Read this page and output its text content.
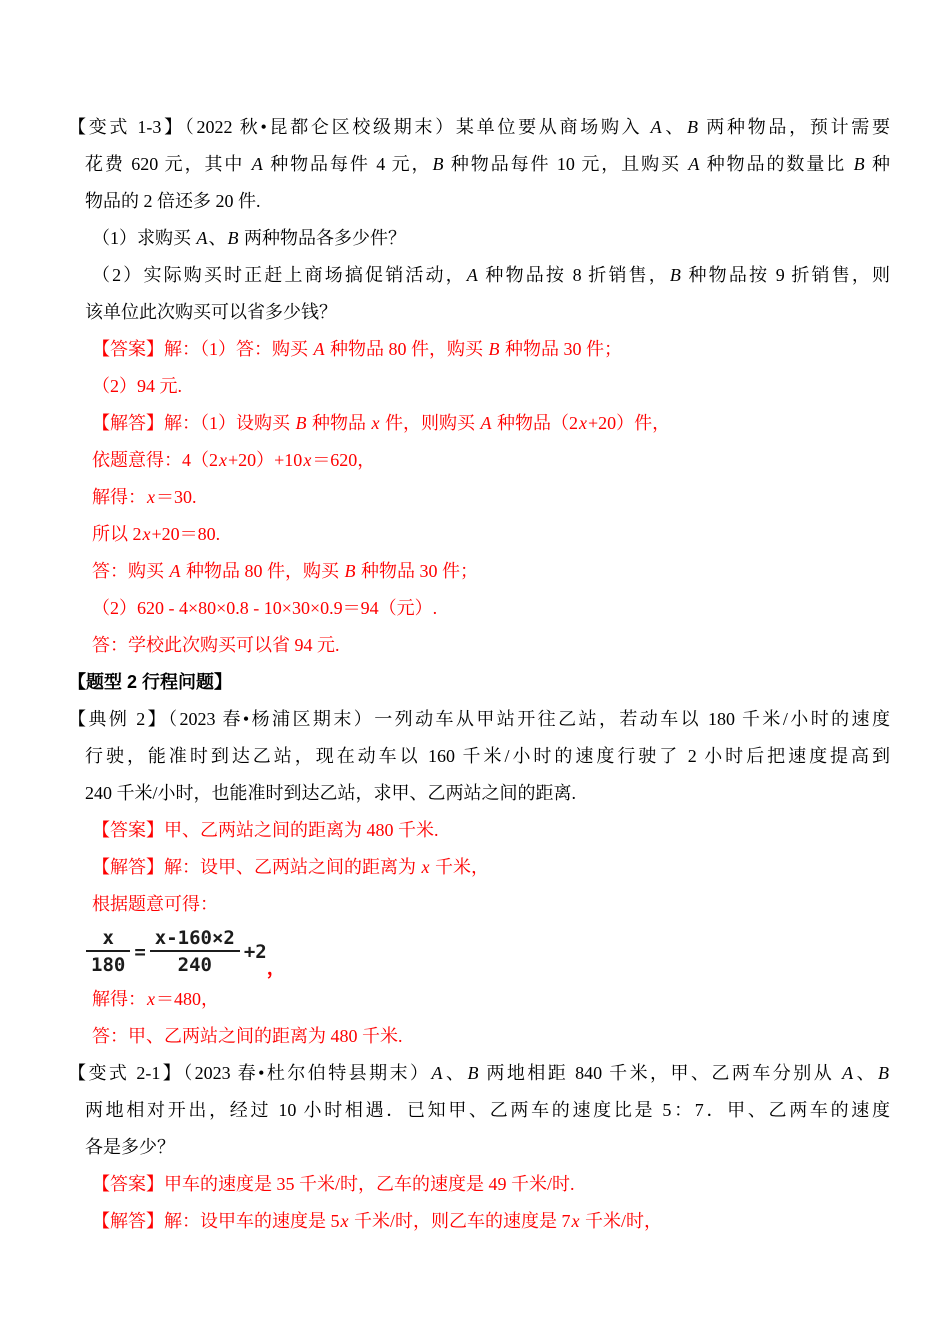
【变式 1-3】（2022 秋•昆都仑区校级期末）某单位要从商场购入 A、B 两种物品，预计需要
花费 620 元，其中 A 种物品每件 4 元，B 种物品每件 10 元，且购买 A 种物品的数量比 B 种
物品的 2 倍还多 20 件.
（1）求购买 A、B 两种物品各多少件？
（2）实际购买时正赶上商场搞促销活动，A 种物品按 8 折销售，B 种物品按 9 折销售，则
该单位此次购买可以省多少钱？
【答案】解：（1）答：购买 A 种物品 80 件，购买 B 种物品 30 件；
（2）94 元.
【解答】解：（1）设购买 B 种物品 x 件，则购买 A 种物品（2x+20）件，
依题意得：4（2x+20）+10x＝620，
解得：x＝30.
所以 2x+20＝80.
答：购买 A 种物品 80 件，购买 B 种物品 30 件；
（2）620 - 4×80×0.8 - 10×30×0.9＝94（元）.
答：学校此次购买可以省 94 元.
【题型 2 行程问题】
【典例 2】（2023 春•杨浦区期末）一列动车从甲站开往乙站，若动车以 180 千米/小时的速度
行驶，能准时到达乙站，现在动车以 160 千米/小时的速度行驶了 2 小时后把速度提高到
240 千米/小时，也能准时到达乙站，求甲、乙两站之间的距离.
【答案】甲、乙两站之间的距离为 480 千米.
【解答】解：设甲、乙两站之间的距离为 x 千米，
根据题意可得：
$\frac{x}{180} = \frac{x-160\times 2}{240} +2$
，
解得：x＝480，
答：甲、乙两站之间的距离为 480 千米.
【变式 2-1】（2023 春•杜尔伯特县期末）A、B 两地相距 840 千米，甲、乙两车分别从 A、B
两地相对开出，经过 10 小时相遇．已知甲、乙两车的速度比是 5：7．甲、乙两车的速度
各是多少？
【答案】甲车的速度是 35 千米/时，乙车的速度是 49 千米/时.
【解答】解：设甲车的速度是 5x 千米/时，则乙车的速度是 7x 千米/时，
